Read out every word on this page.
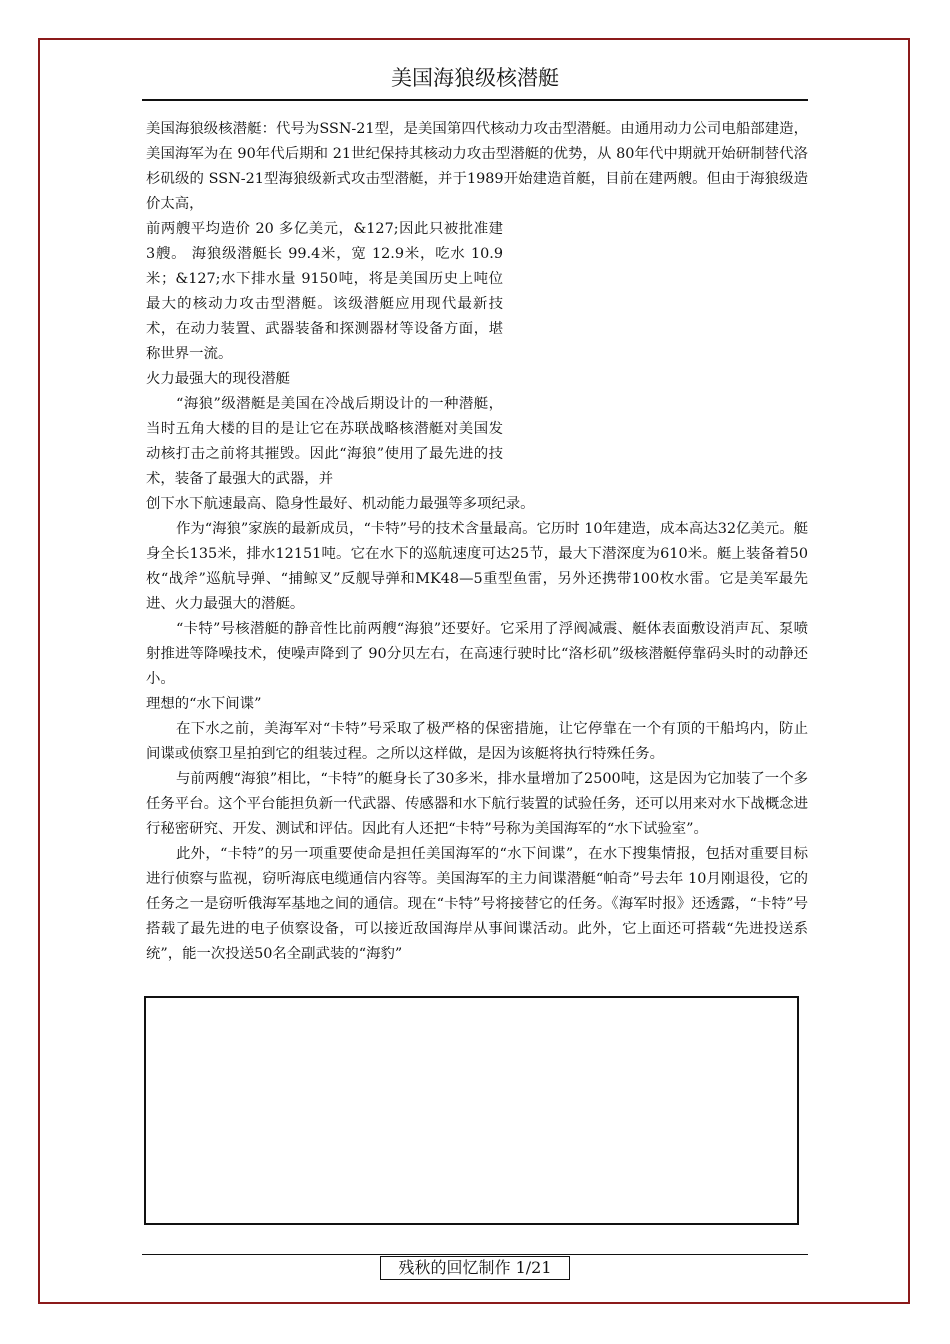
美国海狼级核潜艇

美国海狼级核潜艇：代号为SSN-21型，是美国第四代核动力攻击型潜艇。由通用动力公司电船部建造，美国海军为在 90年代后期和 21世纪保持其核动力攻击型潜艇的优势，从 80年代中期就开始研制替代洛杉矶级的 SSN-21型海狼级新式攻击型潜艇，并于1989开始建造首艇，目前在建两艘。但由于海狼级造价太高，

前两艘平均造价 20 多亿美元，&127;因此只被批准建 3艘。 海狼级潜艇长 99.4米，宽 12.9米，吃水 10.9米；&127;水下排水量 9150吨，将是美国历史上吨位最大的核动力攻击型潜艇。该级潜艇应用现代最新技术，在动力装置、武器装备和探测器材等设备方面，堪称世界一流。

火力最强大的现役潜艇

“海狼”级潜艇是美国在冷战后期设计的一种潜艇，当时五角大楼的目的是让它在苏联战略核潜艇对美国发动核打击之前将其摧毁。因此“海狼”使用了最先进的技术，装备了最强大的武器，并

创下水下航速最高、隐身性最好、机动能力最强等多项纪录。

作为“海狼”家族的最新成员，“卡特”号的技术含量最高。它历时 10年建造，成本高达32亿美元。艇身全长135米，排水12151吨。它在水下的巡航速度可达25节，最大下潜深度为610米。艇上装备着50枚“战斧”巡航导弹、“捕鲸叉”反舰导弹和MK48—5重型鱼雷，另外还携带100枚水雷。它是美军最先进、火力最强大的潜艇。

“卡特”号核潜艇的静音性比前两艘“海狼”还要好。它采用了浮阀减震、艇体表面敷设消声瓦、泵喷射推进等降噪技术，使噪声降到了 90分贝左右，在高速行驶时比“洛杉矶”级核潜艇停靠码头时的动静还小。

理想的“水下间谍”

在下水之前，美海军对“卡特”号采取了极严格的保密措施，让它停靠在一个有顶的干船坞内，防止间谍或侦察卫星拍到它的组装过程。之所以这样做，是因为该艇将执行特殊任务。

与前两艘“海狼”相比，“卡特”的艇身长了30多米，排水量增加了2500吨，这是因为它加装了一个多任务平台。这个平台能担负新一代武器、传感器和水下航行装置的试验任务，还可以用来对水下战概念进行秘密研究、开发、测试和评估。因此有人还把“卡特”号称为美国海军的“水下试验室”。

此外，“卡特”的另一项重要使命是担任美国海军的“水下间谍”，在水下搜集情报，包括对重要目标进行侦察与监视，窃听海底电缆通信内容等。美国海军的主力间谍潜艇“帕奇”号去年 10月刚退役，它的任务之一是窃听俄海军基地之间的通信。现在“卡特”号将接替它的任务。《海军时报》还透露，“卡特”号搭载了最先进的电子侦察设备，可以接近敌国海岸从事间谍活动。此外，它上面还可搭载“先进投送系统”，能一次投送50名全副武装的“海豹”

残秋的回忆制作 1/21
